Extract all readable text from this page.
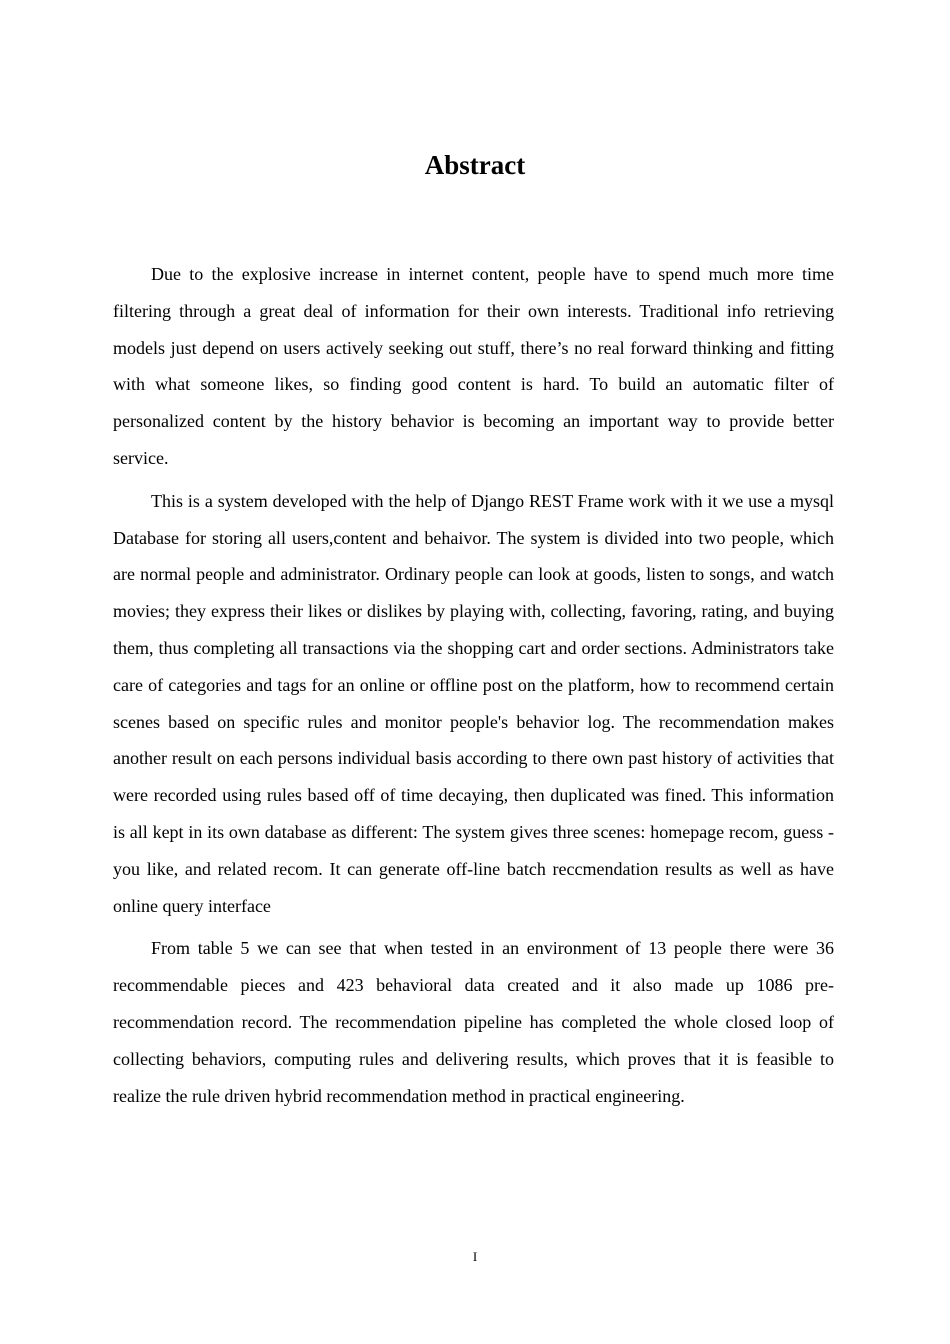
Abstract

Due to the explosive increase in internet content, people have to spend much more time filtering through a great deal of information for their own interests. Traditional info retrieving models just depend on users actively seeking out stuff, there’s no real forward thinking and fitting with what someone likes, so finding good content is hard. To build an automatic filter of personalized content by the history behavior is becoming an important way to provide better service.

This is a system developed with the help of Django REST Frame work with it we use a mysql Database for storing all users,content and behaivor. The system is divided into two people, which are normal people and administrator. Ordinary people can look at goods, listen to songs, and watch movies; they express their likes or dislikes by playing with, collecting, favoring, rating, and buying them, thus completing all transactions via the shopping cart and order sections. Administrators take care of categories and tags for an online or offline post on the platform, how to recommend certain scenes based on specific rules and monitor people's behavior log. The recommendation makes another result on each persons individual basis according to there own past history of activities that were recorded using rules based off of time decaying, then duplicated was fined. This information is all kept in its own database as different: The system gives three scenes: homepage recom, guess - you like, and related recom. It can generate off-line batch reccmendation results as well as have online query interface

From table 5 we can see that when tested in an environment of 13 people there were 36 recommendable pieces and 423 behavioral data created and it also made up 1086 pre- recommendation record. The recommendation pipeline has completed the whole closed loop of collecting behaviors, computing rules and delivering results, which proves that it is feasible to realize the rule driven hybrid recommendation method in practical engineering.

I
